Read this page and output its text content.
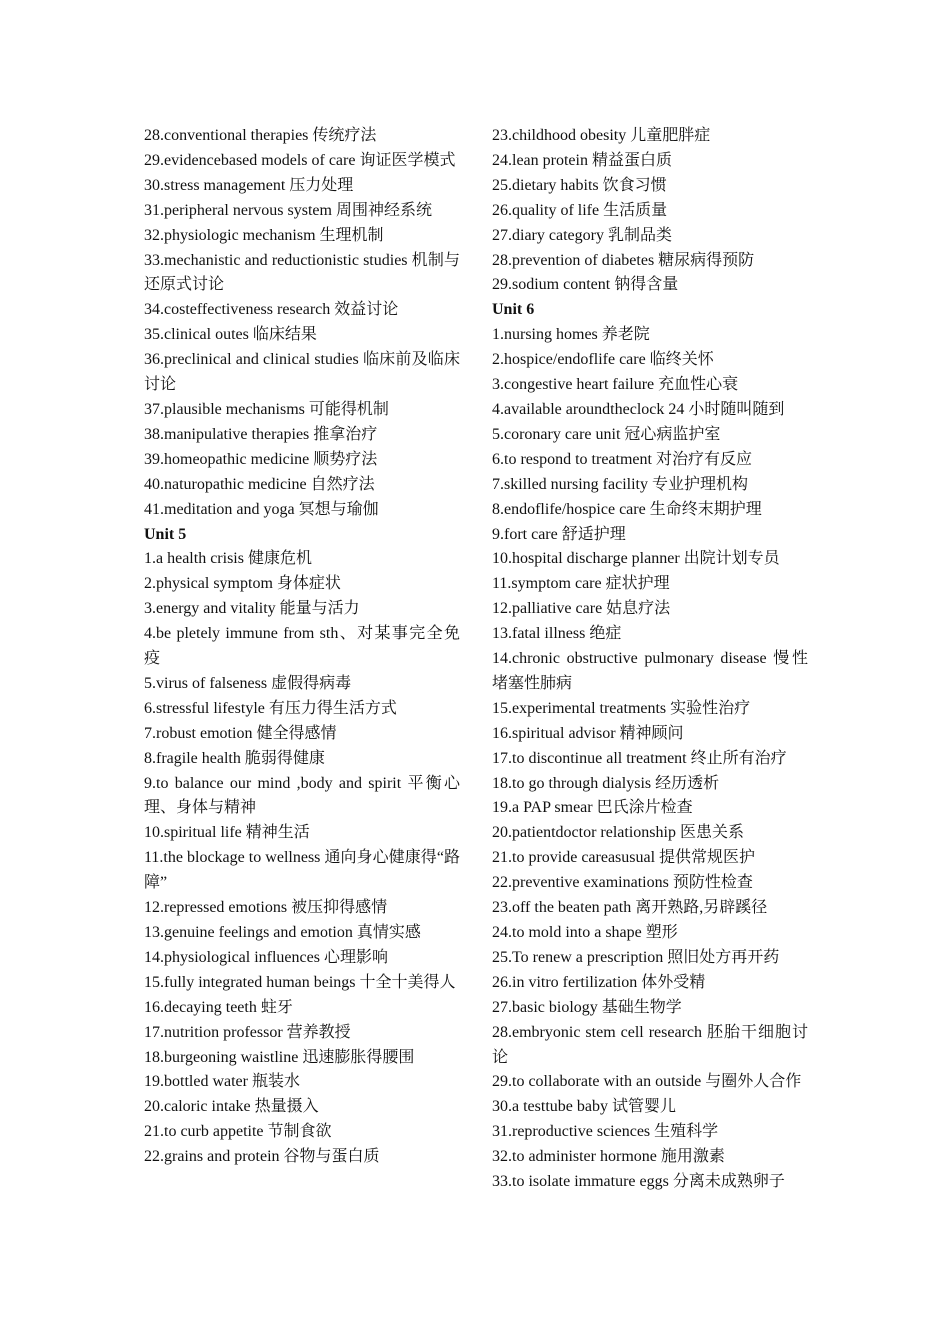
28.conventional therapies 传统疗法

29.evidencebased models of care 询证医学模式

30.stress management 压力处理

31.peripheral nervous system 周围神经系统

32.physiologic mechanism 生理机制

33.mechanistic and reductionistic studies 机制与还原式讨论

34.costeffectiveness research 效益讨论

35.clinical outes 临床结果

36.preclinical and clinical studies 临床前及临床讨论

37.plausible mechanisms 可能得机制

38.manipulative therapies 推拿治疗

39.homeopathic medicine 顺势疗法

40.naturopathic medicine 自然疗法

41.meditation and yoga 冥想与瑜伽

Unit 5

1.a health crisis 健康危机

2.physical symptom 身体症状

3.energy and vitality 能量与活力

4.be pletely immune from sth、对某事完全免疫

5.virus of falseness 虚假得病毒

6.stressful lifestyle 有压力得生活方式

7.robust emotion 健全得感情

8.fragile health 脆弱得健康

9.to balance our mind ,body and spirit 平衡心理、身体与精神

10.spiritual life 精神生活

11.the blockage to wellness 通向身心健康得“路障”

12.repressed emotions 被压抑得感情

13.genuine feelings and emotion 真情实感

14.physiological influences 心理影响

15.fully integrated human beings 十全十美得人

16.decaying teeth 蛀牙

17.nutrition professor 营养教授

18.burgeoning waistline 迅速膨胀得腰围

19.bottled water 瓶装水

20.caloric intake 热量摄入

21.to curb appetite 节制食欲

22.grains and protein 谷物与蛋白质

23.childhood obesity 儿童肥胖症

24.lean protein 精益蛋白质

25.dietary habits 饮食习惯

26.quality of life 生活质量

27.diary category 乳制品类

28.prevention of diabetes 糖尿病得预防

29.sodium content 钠得含量

Unit 6

1.nursing homes 养老院

2.hospice/endoflife care 临终关怀

3.congestive heart failure 充血性心衰

4.available aroundtheclock 24 小时随叫随到

5.coronary care unit 冠心病监护室

6.to respond to treatment 对治疗有反应

7.skilled nursing facility 专业护理机构

8.endoflife/hospice care 生命终末期护理

9.fort care 舒适护理

10.hospital discharge planner 出院计划专员

11.symptom care 症状护理

12.palliative care 姑息疗法

13.fatal illness 绝症

14.chronic obstructive pulmonary disease 慢性堵塞性肺病

15.experimental treatments 实验性治疗

16.spiritual advisor 精神顾问

17.to discontinue all treatment 终止所有治疗

18.to go through dialysis 经历透析

19.a PAP smear 巴氏涂片检查

20.patientdoctor relationship 医患关系

21.to provide careasusual 提供常规医护

22.preventive examinations 预防性检查

23.off the beaten path 离开熟路,另辟蹊径

24.to mold into a shape 塑形

25.To renew a prescription 照旧处方再开药

26.in vitro fertilization 体外受精

27.basic biology 基础生物学

28.embryonic stem cell research 胚胎干细胞讨论

29.to collaborate with an outside 与圈外人合作

30.a testtube baby 试管婴儿

31.reproductive sciences 生殖科学

32.to administer hormone 施用激素

33.to isolate immature eggs 分离未成熟卵子
